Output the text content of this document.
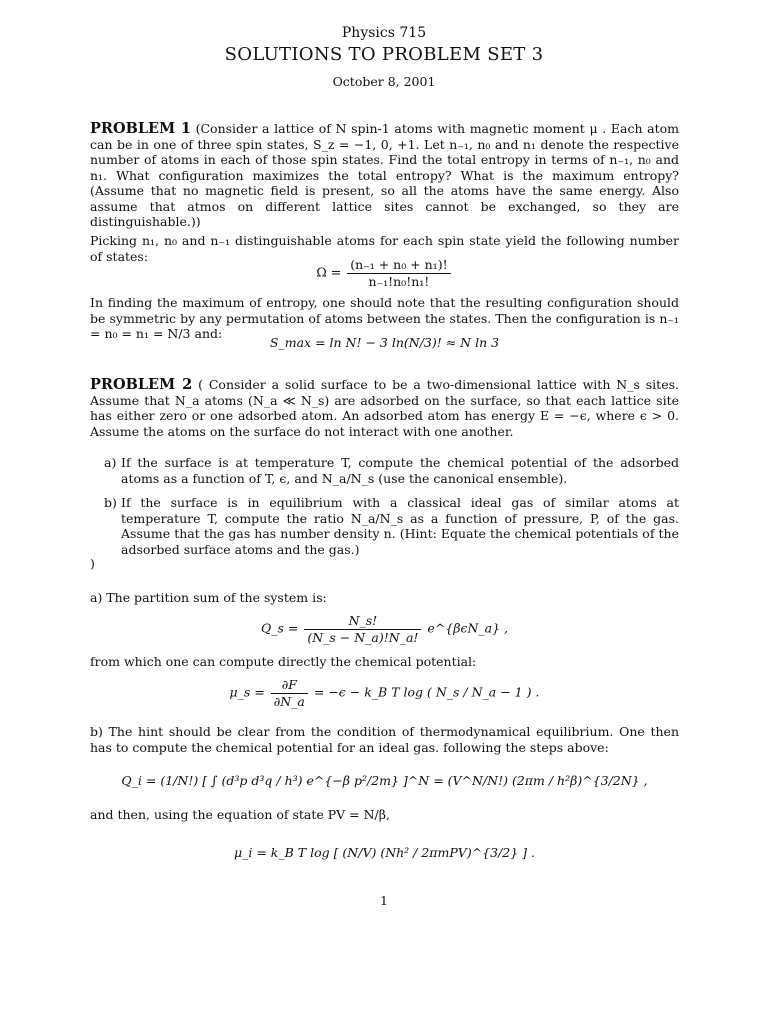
Physics 715
SOLUTIONS TO PROBLEM SET 3
October 8, 2001
PROBLEM 1 (Consider a lattice of N spin-1 atoms with magnetic moment μ . Each atom can be in one of three spin states, S_z = −1, 0, +1. Let n₋₁, n₀ and n₁ denote the respective number of atoms in each of those spin states. Find the total entropy in terms of n₋₁, n₀ and n₁. What configuration maximizes the total entropy? What is the maximum entropy? (Assume that no magnetic field is present, so all the atoms have the same energy. Also assume that atmos on different lattice sites cannot be exchanged, so they are distinguishable.))
Picking n₁, n₀ and n₋₁ distinguishable atoms for each spin state yield the following number of states:
$\Omega = \frac{\text{(n₋₁ + n₀ + n₁)!}}{\text{n₋₁!n₀!n₁!}}$
In finding the maximum of entropy, one should note that the resulting configuration should be symmetric by any permutation of atoms between the states. Then the configuration is n₋₁ = n₀ = n₁ = N/3 and:
S_max = ln N! − 3 ln(N/3)! ≈ N ln 3
PROBLEM 2 ( Consider a solid surface to be a two-dimensional lattice with N_s sites. Assume that N_a atoms (N_a ≪ N_s) are adsorbed on the surface, so that each lattice site has either zero or one adsorbed atom. An adsorbed atom has energy E = −ϵ, where ϵ > 0. Assume the atoms on the surface do not interact with one another.
a) If the surface is at temperature T, compute the chemical potential of the adsorbed atoms as a function of T, ϵ, and N_a/N_s (use the canonical ensemble).
b) If the surface is in equilibrium with a classical ideal gas of similar atoms at temperature T, compute the ratio N_a/N_s as a function of pressure, P, of the gas. Assume that the gas has number density n. (Hint: Equate the chemical potentials of the adsorbed surface atoms and the gas.)
)
a) The partition sum of the system is:
Q_s = $\frac{N\_s!}{(N\_s - N\_a)!N\_a!}$ e^{βϵN_a} ,
from which one can compute directly the chemical potential:
μ_s = $\frac{\partial F}{\partial N\_a} = -\epsilon$ − k_B T log ( N_s / N_a − 1 ) .
b) The hint should be clear from the condition of thermodynamical equilibrium. One then has to compute the chemical potential for an ideal gas. following the steps above:
Q_i = (1/N!) [ ∫ (d³p d³q / h³) e^{−β p²/2m} ]^N = (V^N/N!) (2πm / h²β)^{3/2N} ,
and then, using the equation of state PV = N/β,
μ_i = k_B T log [ (N/V) (Nh² / 2πmPV)^{3/2} ] .
1
